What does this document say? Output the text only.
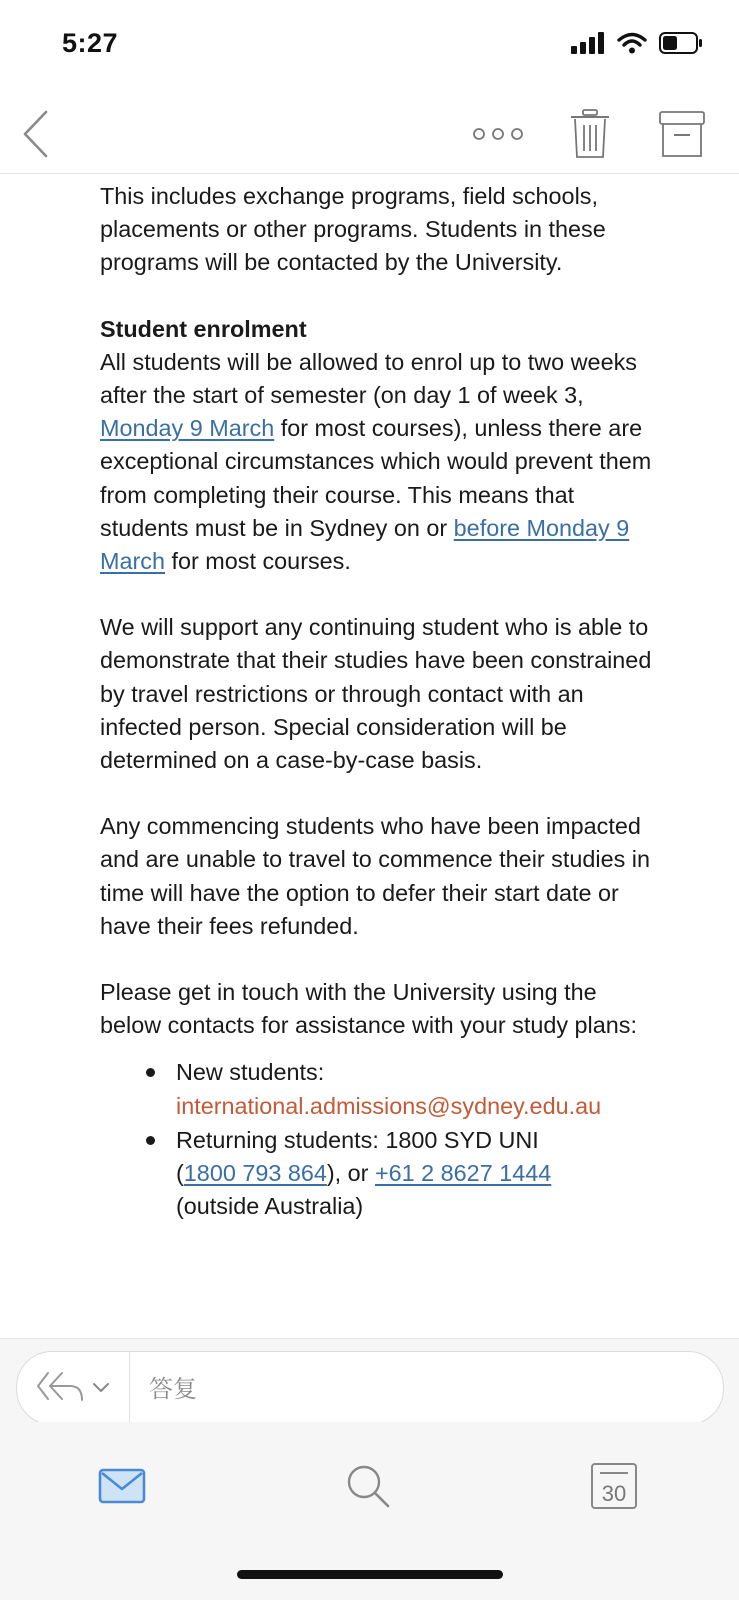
5:27

This includes exchange programs, field schools, placements or other programs. Students in these programs will be contacted by the University.

Student enrolment

All students will be allowed to enrol up to two weeks after the start of semester (on day 1 of week 3, Monday 9 March for most courses), unless there are exceptional circumstances which would prevent them from completing their course. This means that students must be in Sydney on or before Monday 9 March for most courses.

We will support any continuing student who is able to demonstrate that their studies have been constrained by travel restrictions or through contact with an infected person. Special consideration will be determined on a case-by-case basis.

Any commencing students who have been impacted and are unable to travel to commence their studies in time will have the option to defer their start date or have their fees refunded.

Please get in touch with the University using the below contacts for assistance with your study plans:

New students:
international.admissions@sydney.edu.au
Returning students: 1800 SYD UNI
(1800 793 864), or +61 2 8627 1444
(outside Australia)
答复
30
